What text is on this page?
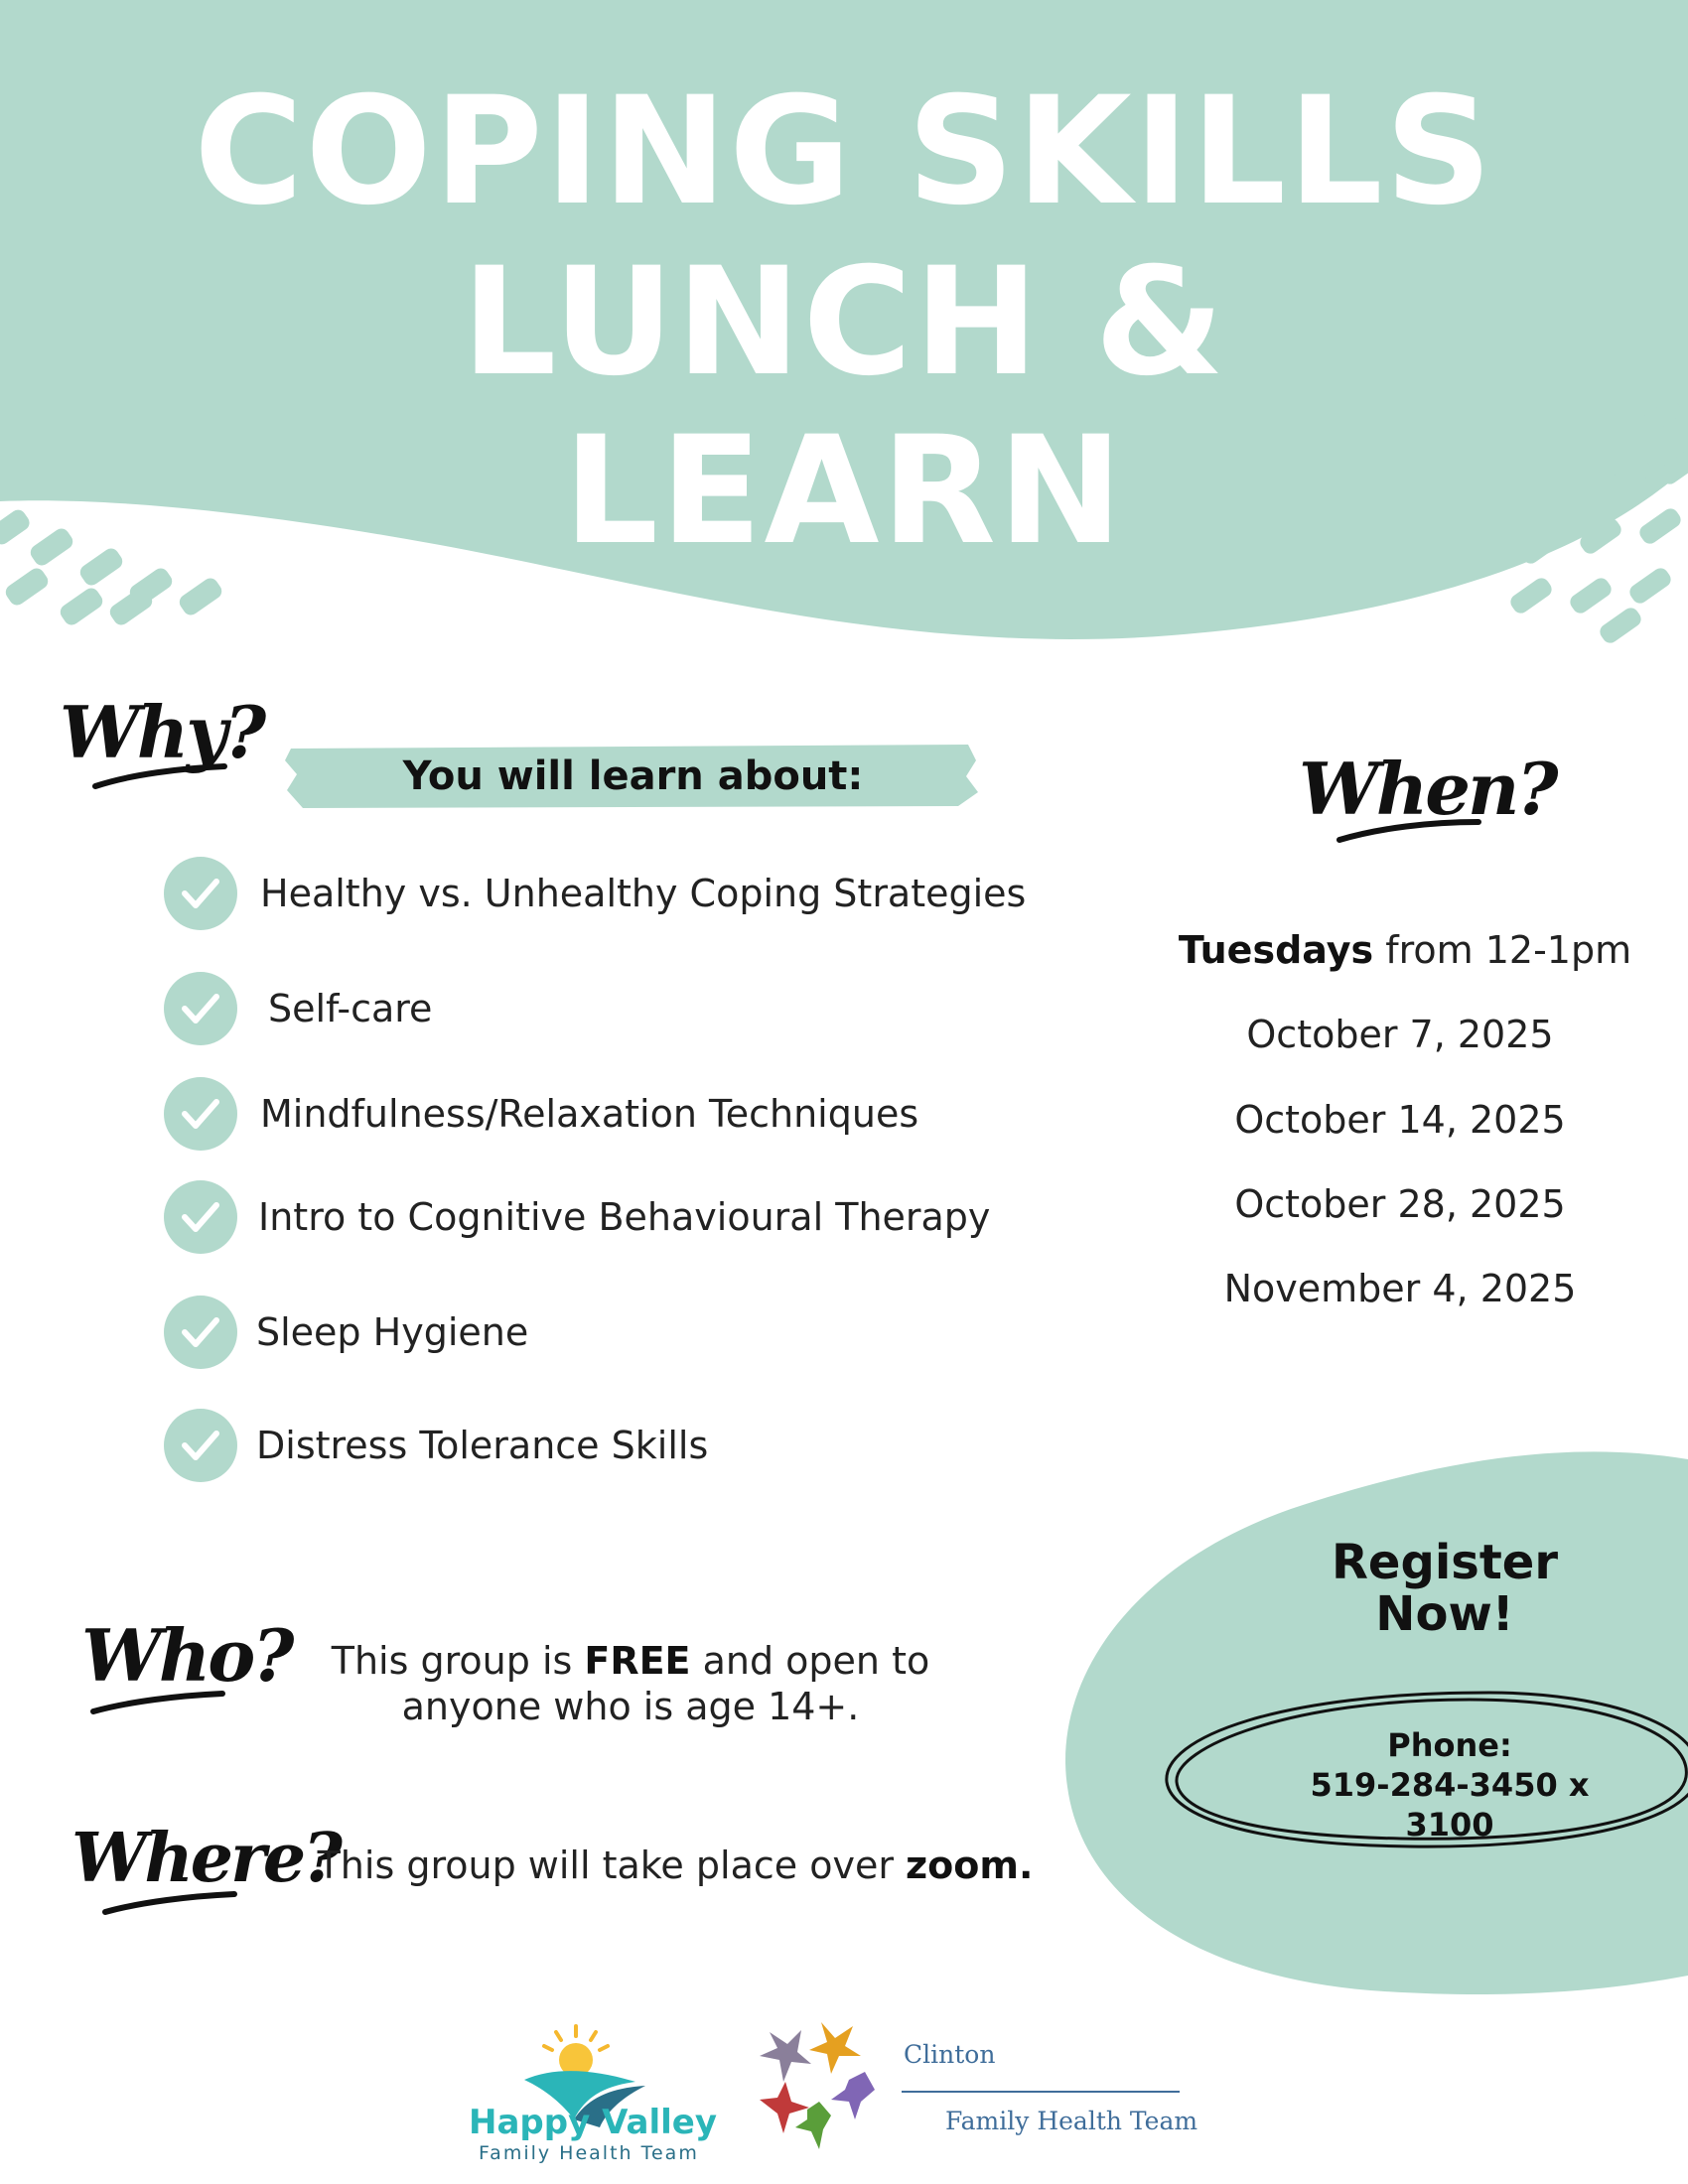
COPING SKILLS
LUNCH &
LEARN
Why?
You will learn about:
Healthy vs. Unhealthy Coping Strategies
Self-care
Mindfulness/Relaxation Techniques
Intro to Cognitive Behavioural Therapy
Sleep Hygiene
Distress Tolerance Skills
When?
Tuesdays from 12-1pm
October 7, 2025
October 14, 2025
October 28, 2025
November 4, 2025
Who?	This group is FREE and open to
anyone who is age 14+.
Where?
This group will take place over zoom.
Register
Now!
Phone:
519-284-3450 x 3100
Happy Valley
Family Health Team
Clinton
Family Health Team
